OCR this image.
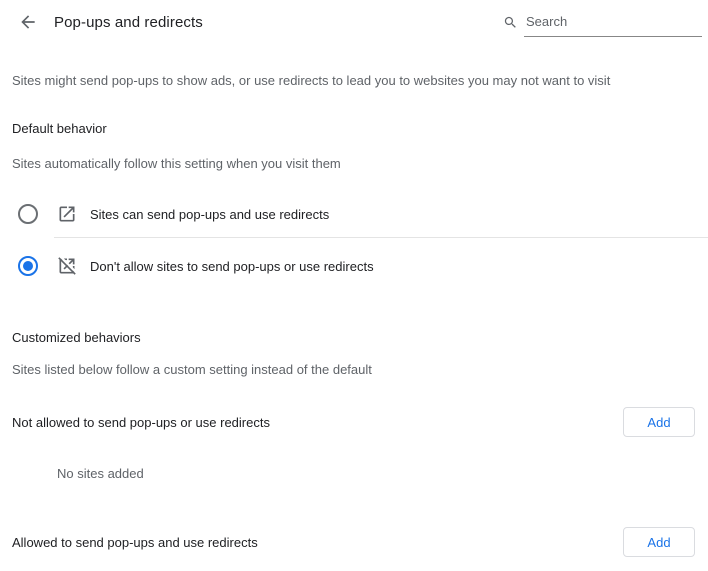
Pop-ups and redirects
Search

Sites might send pop-ups to show ads, or use redirects to lead you to websites you may not want to visit

Default behavior

Sites automatically follow this setting when you visit them

Sites can send pop-ups and use redirects
Don't allow sites to send pop-ups or use redirects
Customized behaviors

Sites listed below follow a custom setting instead of the default

Not allowed to send pop-ups or use redirects	Add

No sites added

Allowed to send pop-ups and use redirects	Add
